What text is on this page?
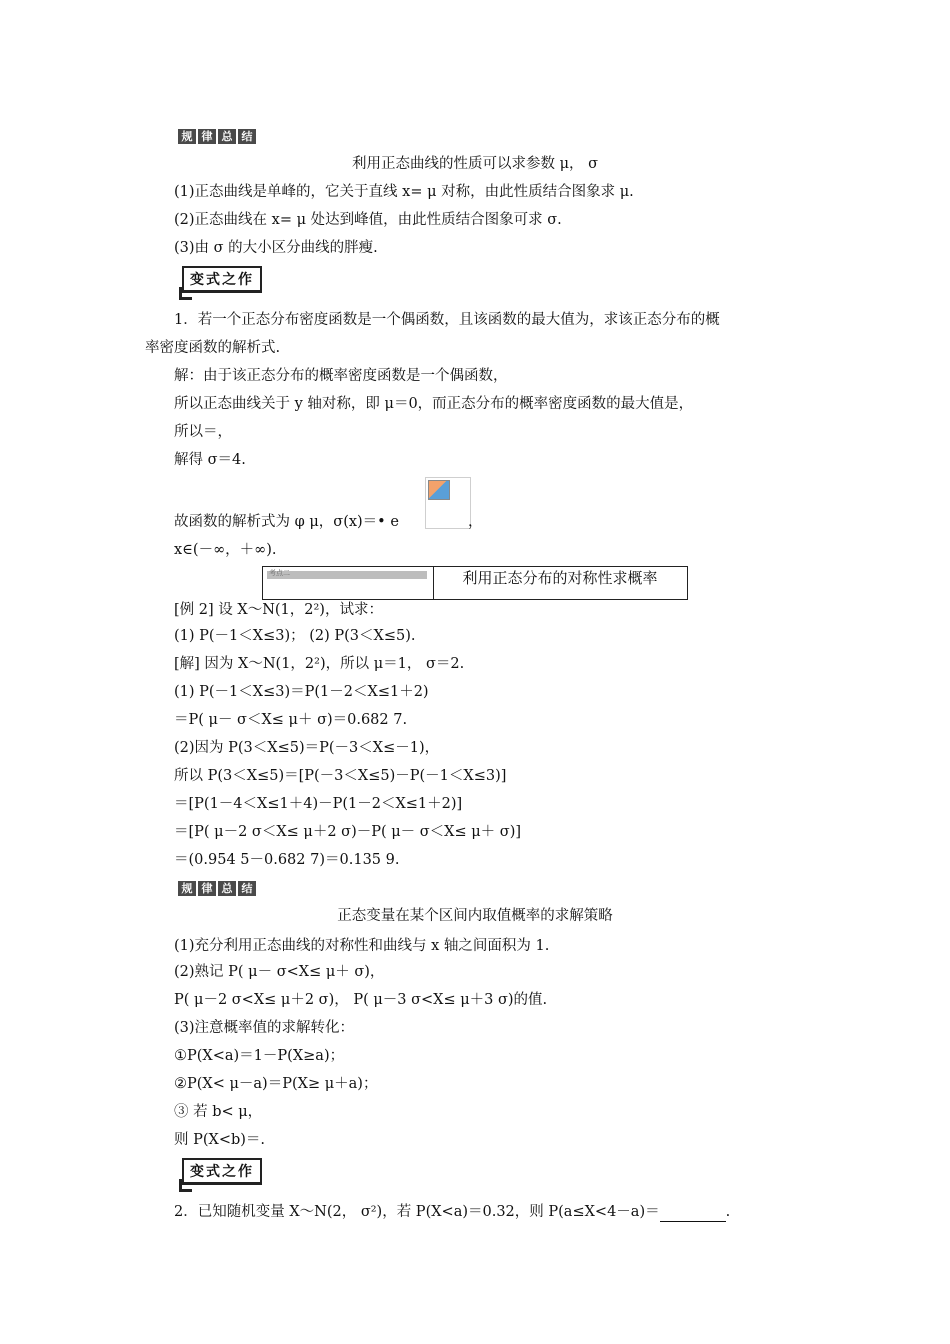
规 律 总 结
利用正态曲线的性质可以求参数 μ， σ
(1)正态曲线是单峰的，它关于直线 x= μ 对称，由此性质结合图象求 μ.
(2)正态曲线在 x= μ 处达到峰值，由此性质结合图象可求 σ.
(3)由 σ 的大小区分曲线的胖瘦.
变式之作
1．若一个正态分布密度函数是一个偶函数，且该函数的最大值为，求该正态分布的概
率密度函数的解析式.
解：由于该正态分布的概率密度函数是一个偶函数，
所以正态曲线关于 y 轴对称，即 μ＝0，而正态分布的概率密度函数的最大值是，
所以＝，
解得 σ＝4.
故函数的解析式为 φ μ，σ(x)＝• e	，
x∈(－∞，＋∞).
考点二	利用正态分布的对称性求概率
[例 2] 设 X～N(1，2²)，试求：
(1) P(－1＜X≤3)； (2) P(3＜X≤5).
[解] 因为 X～N(1，2²)，所以 μ＝1， σ＝2.
(1) P(－1＜X≤3)＝P(1－2＜X≤1＋2)
＝P( μ－ σ＜X≤ μ＋ σ)＝0.682 7.
(2)因为 P(3＜X≤5)＝P(－3＜X≤－1)，
所以 P(3＜X≤5)＝[P(－3＜X≤5)－P(－1＜X≤3)]
＝[P(1－4＜X≤1＋4)－P(1－2＜X≤1＋2)]
＝[P( μ－2 σ＜X≤ μ＋2 σ)－P( μ－ σ＜X≤ μ＋ σ)]
＝(0.954 5－0.682 7)＝0.135 9.
规 律 总 结
正态变量在某个区间内取值概率的求解策略
(1)充分利用正态曲线的对称性和曲线与 x 轴之间面积为 1.
(2)熟记 P( μ－ σ<X≤ μ＋ σ)，
P( μ－2 σ<X≤ μ＋2 σ)， P( μ－3 σ<X≤ μ＋3 σ)的值.
(3)注意概率值的求解转化：
①P(X<a)＝1－P(X≥a)；
②P(X< μ－a)＝P(X≥ μ＋a)；
③ 若 b< μ，
则 P(X<b)＝.
变式之作
2．已知随机变量 X～N(2， σ²)，若 P(X<a)＝0.32，则 P(a≤X<4－a)＝	.
